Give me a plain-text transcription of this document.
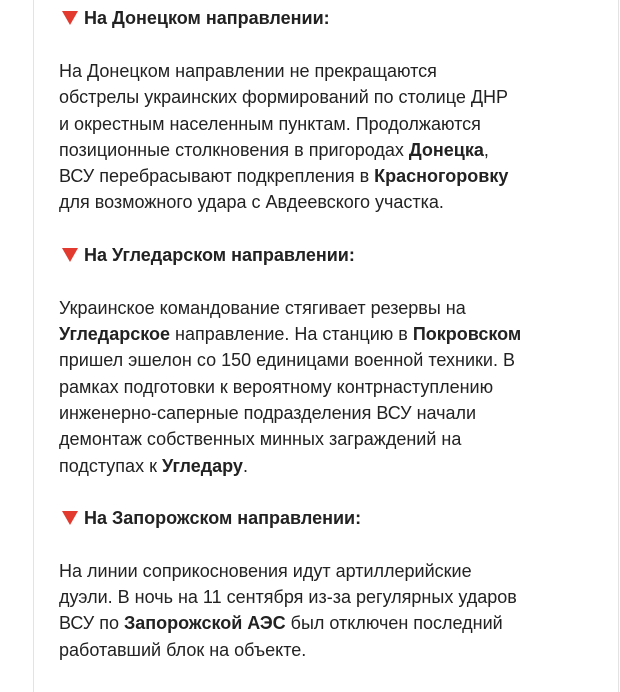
На Донецком направлении:

На Донецком направлении не прекращаются
обстрелы украинских формирований по столице ДНР
и окрестным населенным пунктам. Продолжаются
позиционные столкновения в пригородах Донецка,
ВСУ перебрасывают подкрепления в Красногоровку
для возможного удара с Авдеевского участка.

На Угледарском направлении:

Украинское командование стягивает резервы на
Угледарское направление. На станцию в Покровском
пришел эшелон со 150 единицами военной техники. В
рамках подготовки к вероятному контрнаступлению
инженерно-саперные подразделения ВСУ начали
демонтаж собственных минных заграждений на
подступах к Угледару.

На Запорожском направлении:

На линии соприкосновения идут артиллерийские
дуэли. В ночь на 11 сентября из-за регулярных ударов
ВСУ по Запорожской АЭС был отключен последний
работавший блок на объекте.
